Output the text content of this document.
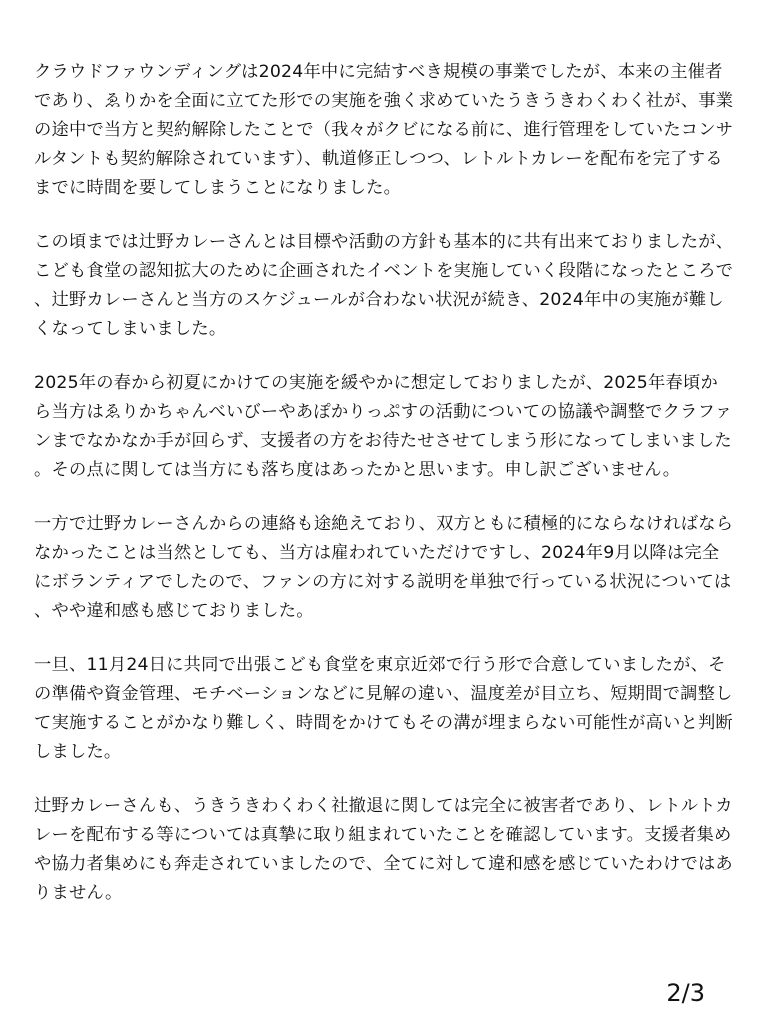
クラウドファウンディングは2024年中に完結すべき規模の事業でしたが、本来の主催者であり、ゑりかを全面に立てた形での実施を強く求めていたうきうきわくわく社が、事業の途中で当方と契約解除したことで（我々がクビになる前に、進行管理をしていたコンサルタントも契約解除されています）、軌道修正しつつ、レトルトカレーを配布を完了するまでに時間を要してしまうことになりました。

この頃までは辻野カレーさんとは目標や活動の方針も基本的に共有出来ておりましたが、こども食堂の認知拡大のために企画されたイベントを実施していく段階になったところで、辻野カレーさんと当方のスケジュールが合わない状況が続き、2024年中の実施が難しくなってしまいました。

2025年の春から初夏にかけての実施を緩やかに想定しておりましたが、2025年春頃から当方はゑりかちゃんべいびーやあぽかりっぷすの活動についての協議や調整でクラファンまでなかなか手が回らず、支援者の方をお待たせさせてしまう形になってしまいました。その点に関しては当方にも落ち度はあったかと思います。申し訳ございません。

一方で辻野カレーさんからの連絡も途絶えており、双方ともに積極的にならなければならなかったことは当然としても、当方は雇われていただけですし、2024年9月以降は完全にボランティアでしたので、ファンの方に対する説明を単独で行っている状況については、やや違和感も感じておりました。

一旦、11月24日に共同で出張こども食堂を東京近郊で行う形で合意していましたが、その準備や資金管理、モチベーションなどに見解の違い、温度差が目立ち、短期間で調整して実施することがかなり難しく、時間をかけてもその溝が埋まらない可能性が高いと判断しました。

辻野カレーさんも、うきうきわくわく社撤退に関しては完全に被害者であり、レトルトカレーを配布する等については真摯に取り組まれていたことを確認しています。支援者集めや協力者集めにも奔走されていましたので、全てに対して違和感を感じていたわけではありません。

2/3
